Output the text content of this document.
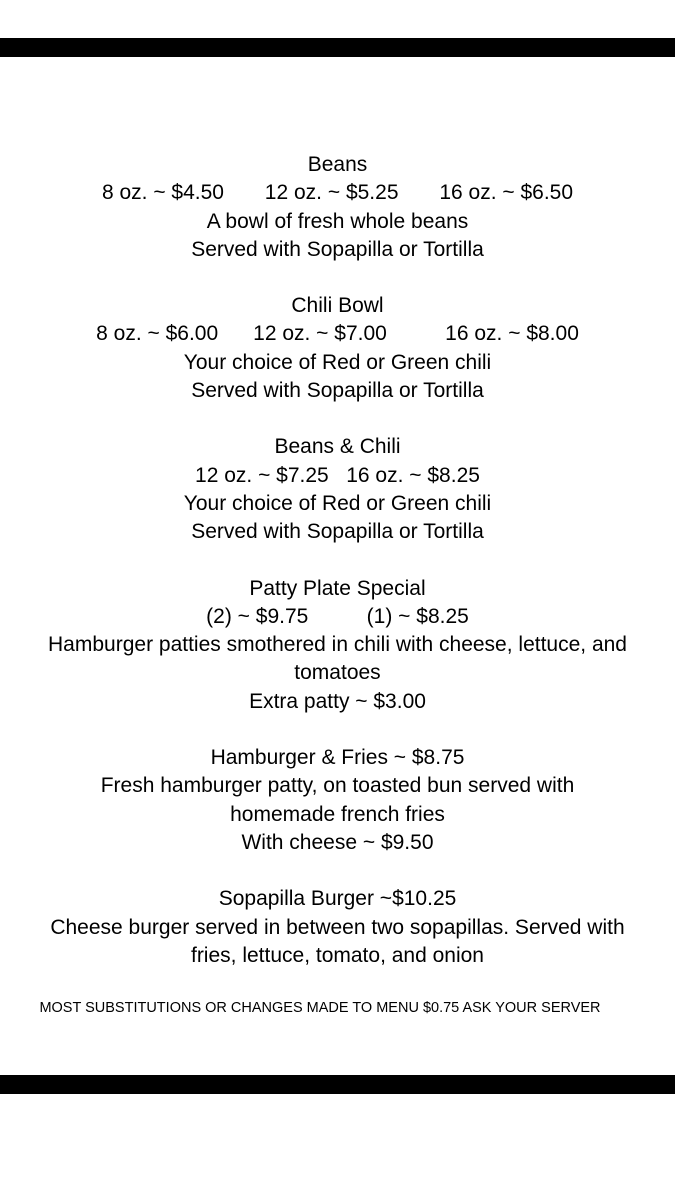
Beans
8 oz. ~ $4.50       12 oz. ~ $5.25       16 oz. ~ $6.50
A bowl of fresh whole beans
Served with Sopapilla or Tortilla
Chili Bowl
8 oz. ~ $6.00      12 oz. ~ $7.00          16 oz. ~ $8.00
Your choice of Red or Green chili
Served with Sopapilla or Tortilla
Beans & Chili
12 oz. ~ $7.25   16 oz. ~ $8.25
Your choice of Red or Green chili
Served with Sopapilla or Tortilla
Patty Plate Special
(2) ~ $9.75          (1) ~ $8.25
Hamburger patties smothered in chili with cheese, lettuce, and tomatoes
Extra patty ~ $3.00
Hamburger & Fries ~ $8.75
Fresh hamburger patty, on toasted bun served with homemade french fries
With cheese ~ $9.50
Sopapilla Burger ~$10.25
Cheese burger served in between two sopapillas. Served with fries, lettuce, tomato, and onion
MOST SUBSTITUTIONS OR CHANGES MADE TO MENU $0.75 ASK YOUR SERVER
